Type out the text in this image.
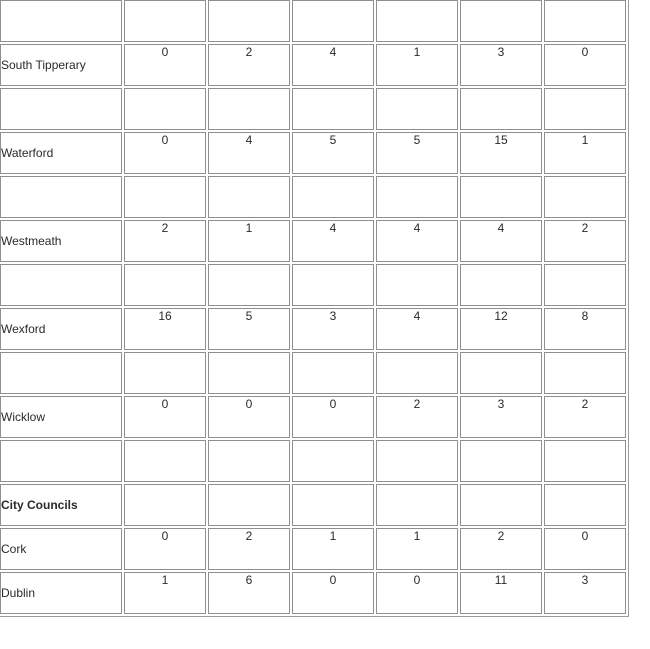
South Tipperary	0	2	4	1	3	0

Waterford	0	4	5	5	15	1

Westmeath	2	1	4	4	4	2

Wexford	16	5	3	4	12	8

Wicklow	0	0	0	2	3	2

City Councils						
Cork	0	2	1	1	2	0
Dublin	1	6	0	0	11	3
